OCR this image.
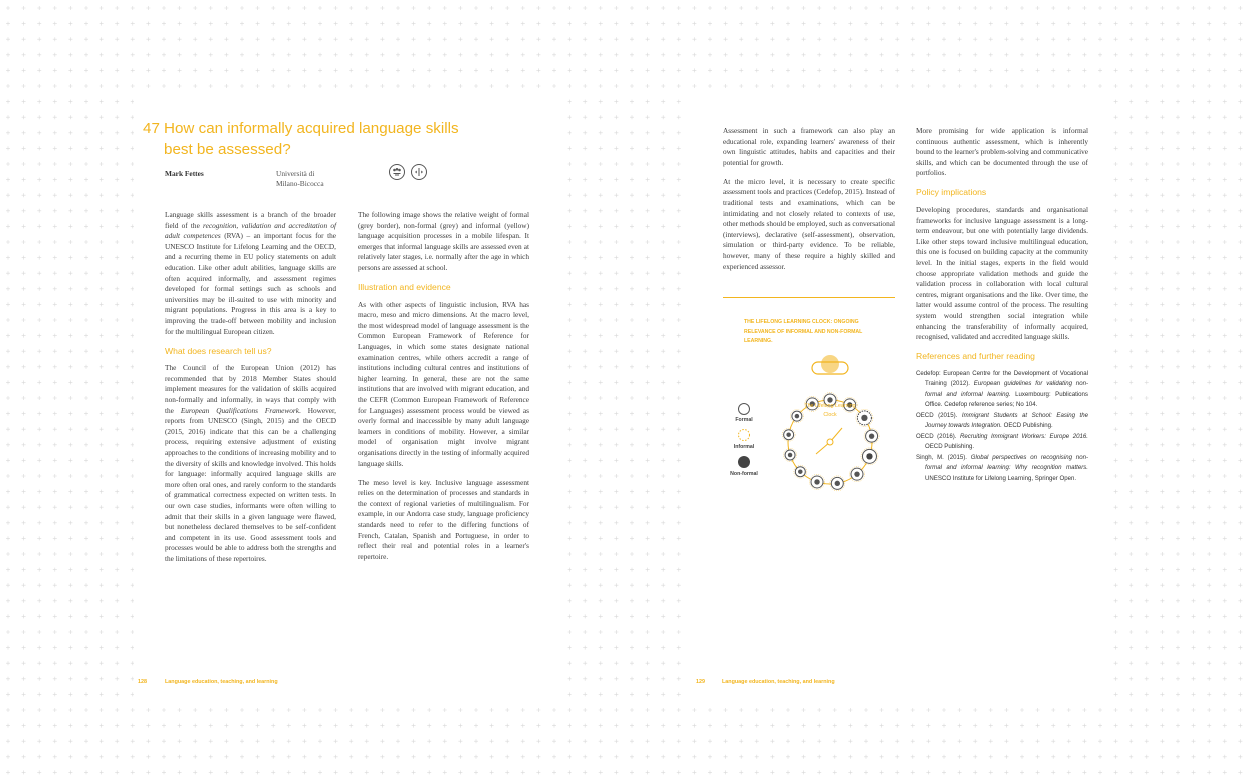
47 How can informally acquired language skills best be assessed?
Mark Fettes	Università di Milano-Bicocca

Language skills assessment is a branch of the broader field of the recognition, validation and accreditation of adult competences (RVA) – an important focus for the UNESCO Institute for Lifelong Learning and the OECD, and a recurring theme in EU policy statements on adult education. Like other adult abilities, language skills are often acquired informally, and assessment regimes developed for formal settings such as schools and universities may be ill-suited to use with minority and migrant populations. Progress in this area is a key to improving the trade-off between mobility and inclusion for the multilingual European citizen.

What does research tell us?

The Council of the European Union (2012) has recommended that by 2018 Member States should implement measures for the validation of skills acquired non-formally and informally, in ways that comply with the European Qualifications Framework. However, reports from UNESCO (Singh, 2015) and the OECD (2015, 2016) indicate that this can be a challenging process, requiring extensive adjustment of existing approaches to the conditions of increasing mobility and to the diversity of skills and knowledge involved. This holds for language: informally acquired language skills are more often oral ones, and rarely conform to the standards of grammatical correctness expected on written tests. In our own case studies, informants were often willing to admit that their skills in a given language were flawed, but nonetheless declared themselves to be self-confident and competent in its use. Good assessment tools and processes would be able to address both the strengths and the limitations of these repertoires.

The following image shows the relative weight of formal (grey border), non-formal (grey) and informal (yellow) language acquisition processes in a mobile lifespan. It emerges that informal language skills are assessed even at relatively later stages, i.e. normally after the age in which persons are assessed at school.

Illustration and evidence

As with other aspects of linguistic inclusion, RVA has macro, meso and micro dimensions. At the macro level, the most widespread model of language assessment is the Common European Framework of Reference for Languages, in which some states designate national examination centres, while others accredit a range of institutions including cultural centres and institutions of higher learning. In general, these are not the same institutions that are involved with migrant education, and the CEFR (Common European Framework of Reference for Languages) assessment process would be viewed as overly formal and inaccessible by many adult language learners in conditions of mobility. However, a similar model of organisation might involve migrant organisations directly in the testing of informally acquired language skills.

The meso level is key. Inclusive language assessment relies on the determination of processes and standards in the context of regional varieties of multilingualism. For example, in our Andorra case study, language proficiency standards need to refer to the differing functions of French, Catalan, Spanish and Portuguese, in order to reflect their real and potential roles in a learner's repertoire.

128	Language education, teaching, and learning

Assessment in such a framework can also play an educational role, expanding learners' awareness of their own linguistic attitudes, habits and capacities and their potential for growth.

At the micro level, it is necessary to create specific assessment tools and practices (Cedefop, 2015). Instead of traditional tests and examinations, which can be intimidating and not closely related to contexts of use, other methods should be employed, such as conversational (interviews), declarative (self-assessment), observation, simulation or third-party evidence. To be reliable, however, many of these require a highly skilled and experienced assessor.

THE LIFELONG LEARNING CLOCK: ONGOING RELEVANCE OF INFORMAL AND NON-FORMAL LEARNING.
Formal
Informal
Non-formal
The Lifelong Learning Clock

More promising for wide application is informal continuous authentic assessment, which is inherently bound to the learner's problem-solving and communicative skills, and which can be documented through the use of portfolios.

Policy implications

Developing procedures, standards and organisational frameworks for inclusive language assessment is a long-term endeavour, but one with potentially large dividends. Like other steps toward inclusive multilingual education, this one is focused on building capacity at the community level. In the initial stages, experts in the field would choose appropriate validation methods and guide the validation process in collaboration with local cultural centres, migrant organisations and the like. Over time, the latter would assume control of the process. The resulting system would strengthen social integration while enhancing the transferability of informally acquired, recognised, validated and accredited language skills.

References and further reading

Cedefop: European Centre for the Development of Vocational Training (2012). European guidelines for validating non-formal and informal learning. Luxembourg: Publications Office. Cedefop reference series; No 104.

OECD (2015). Immigrant Students at School: Easing the Journey towards Integration. OECD Publishing.

OECD (2016). Recruiting Immigrant Workers: Europe 2016. OECD Publishing.

Singh, M. (2015). Global perspectives on recognising non-formal and informal learning: Why recognition matters. UNESCO Institute for Lifelong Learning, Springer Open.

129	Language education, teaching, and learning
